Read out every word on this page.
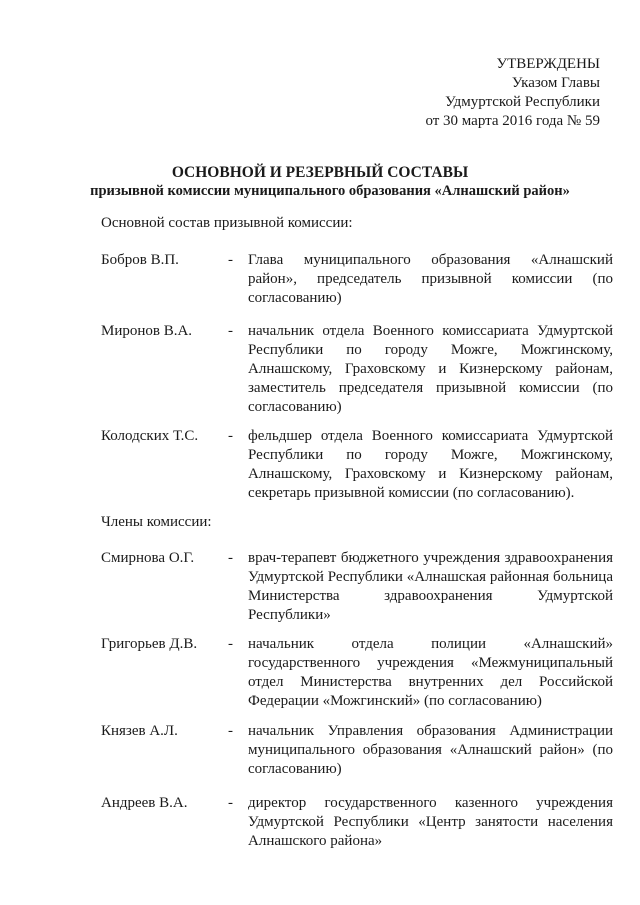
УТВЕРЖДЕНЫ
Указом Главы
Удмуртской Республики
от 30 марта 2016 года № 59
ОСНОВНОЙ И РЕЗЕРВНЫЙ СОСТАВЫ
призывной комиссии муниципального образования «Алнашский район»
Основной состав призывной комиссии:
Бобров В.П.	- Глава муниципального образования «Алнашский район», председатель призывной комиссии (по согласованию)
Миронов В.А.	- начальник отдела Военного комиссариата Удмуртской Республики по городу Можге, Можгинскому, Алнашскому, Граховскому и Кизнерскому районам, заместитель председателя призывной комиссии (по согласованию)
Колодских Т.С.	- фельдшер отдела Военного комиссариата Удмуртской Республики по городу Можге, Можгинскому, Алнашскому, Граховскому и Кизнерскому районам, секретарь призывной комиссии (по согласованию).
Члены комиссии:
Смирнова О.Г.	- врач-терапевт бюджетного учреждения здравоохранения Удмуртской Республики «Алнашская районная больница Министерства здравоохранения Удмуртской Республики»
Григорьев Д.В.	- начальник отдела полиции «Алнашский» государственного учреждения «Межмуниципальный отдел Министерства внутренних дел Российской Федерации «Можгинский» (по согласованию)
Князев А.Л.	- начальник Управления образования Администрации муниципального образования «Алнашский район» (по согласованию)
Андреев В.А.	- директор государственного казенного учреждения Удмуртской Республики «Центр занятости населения Алнашского района»
